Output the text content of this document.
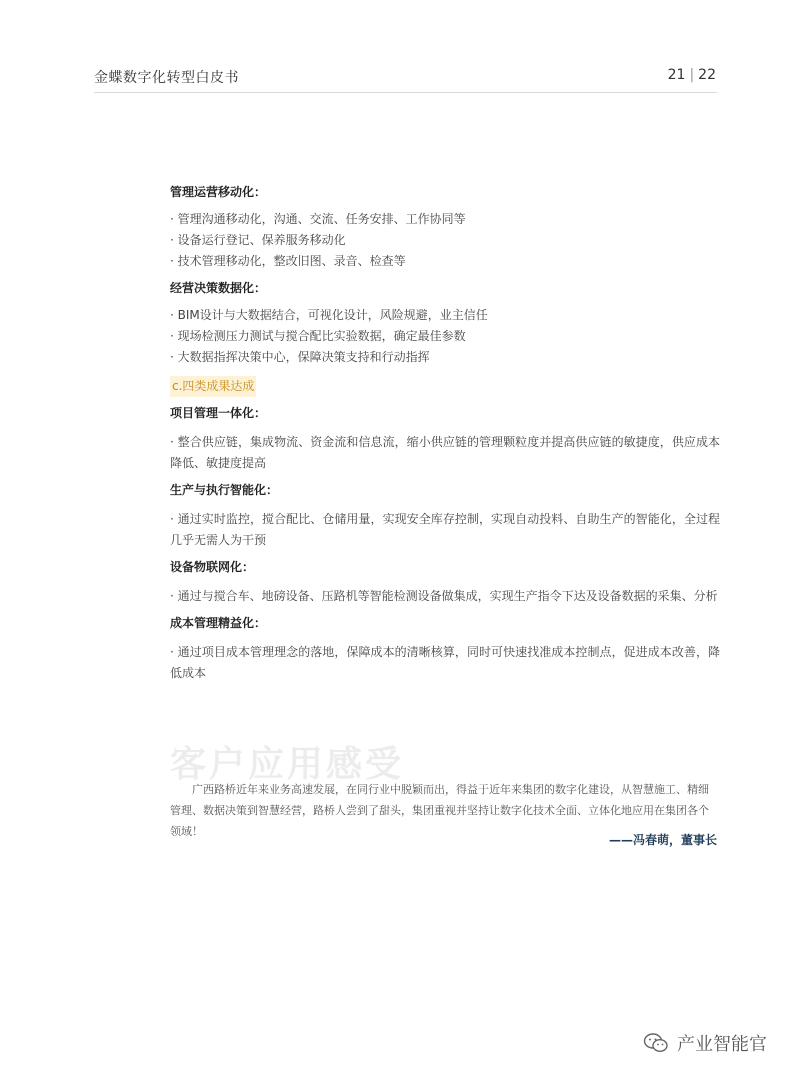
金蝶数字化转型白皮书	21 | 22
管理运营移动化：
· 管理沟通移动化，沟通、交流、任务安排、工作协同等
· 设备运行登记、保养服务移动化
· 技术管理移动化，整改旧图、录音、检查等
经营决策数据化：
· BIM设计与大数据结合，可视化设计，风险规避，业主信任
· 现场检测压力测试与搅合配比实验数据，确定最佳参数
· 大数据指挥决策中心，保障决策支持和行动指挥
c.四类成果达成
项目管理一体化：
· 整合供应链，集成物流、资金流和信息流，缩小供应链的管理颗粒度并提高供应链的敏捷度，供应成本降低、敏捷度提高
生产与执行智能化：
· 通过实时监控，搅合配比、仓储用量，实现安全库存控制，实现自动投料、自助生产的智能化，全过程几乎无需人为干预
设备物联网化：
· 通过与搅合车、地磅设备、压路机等智能检测设备做集成，实现生产指令下达及设备数据的采集、分析
成本管理精益化：
· 通过项目成本管理理念的落地，保障成本的清晰核算，同时可快速找准成本控制点，促进成本改善，降低成本
客户应用感受
广西路桥近年来业务高速发展，在同行业中脱颖而出，得益于近年来集团的数字化建设，从智慧施工、精细管理、数据决策到智慧经营，路桥人尝到了甜头，集团重视并坚持让数字化技术全面、立体化地应用在集团各个领域！
——冯春萌，董事长
产业智能官
